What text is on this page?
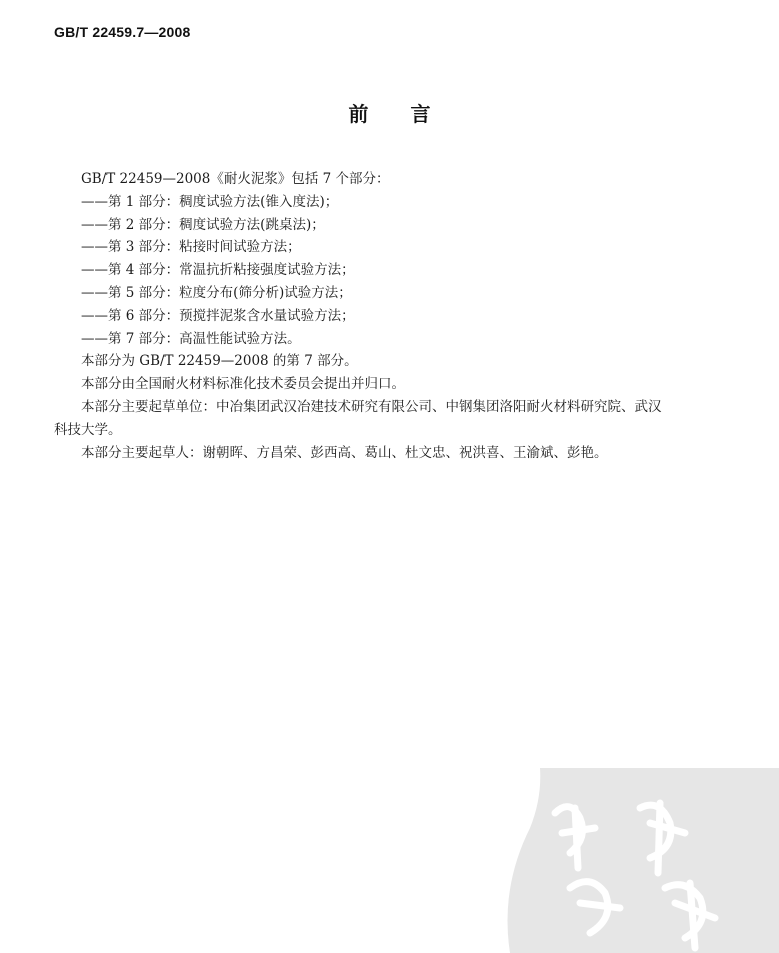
GB/T 22459.7—2008
前言
GB/T 22459—2008《耐火泥浆》包括 7 个部分：
——第 1 部分：稠度试验方法(锥入度法)；
——第 2 部分：稠度试验方法(跳桌法)；
——第 3 部分：粘接时间试验方法；
——第 4 部分：常温抗折粘接强度试验方法；
——第 5 部分：粒度分布(筛分析)试验方法；
——第 6 部分：预搅拌泥浆含水量试验方法；
——第 7 部分：高温性能试验方法。
本部分为 GB/T 22459—2008 的第 7 部分。
本部分由全国耐火材料标准化技术委员会提出并归口。
本部分主要起草单位：中冶集团武汉冶建技术研究有限公司、中钢集团洛阳耐火材料研究院、武汉
科技大学。
本部分主要起草人：谢朝晖、方昌荣、彭西高、葛山、杜文忠、祝洪喜、王渝斌、彭艳。
